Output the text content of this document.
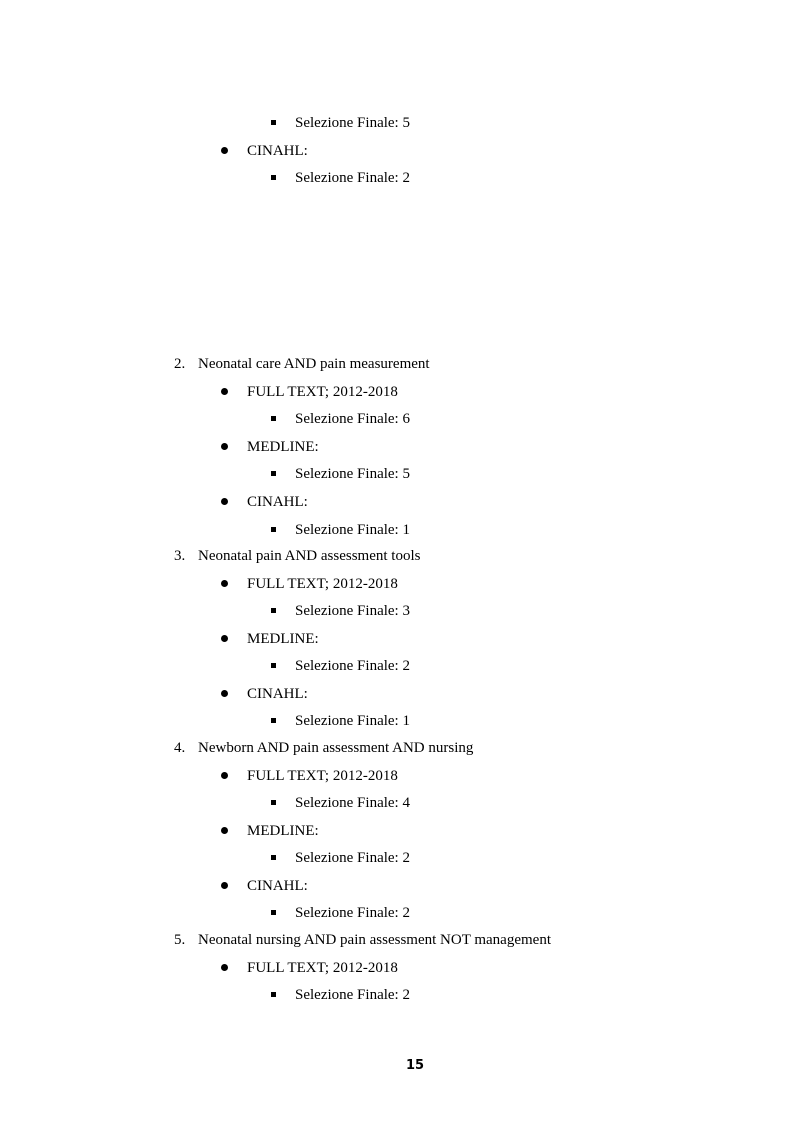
Selezione Finale: 5
CINAHL:
Selezione Finale: 2
2. Neonatal care AND pain measurement
FULL TEXT; 2012-2018
Selezione Finale: 6
MEDLINE:
Selezione Finale: 5
CINAHL:
Selezione Finale: 1
3. Neonatal pain AND assessment tools
FULL TEXT; 2012-2018
Selezione Finale: 3
MEDLINE:
Selezione Finale: 2
CINAHL:
Selezione Finale: 1
4. Newborn AND pain assessment AND nursing
FULL TEXT; 2012-2018
Selezione Finale: 4
MEDLINE:
Selezione Finale: 2
CINAHL:
Selezione Finale: 2
5. Neonatal nursing AND pain assessment NOT management
FULL TEXT; 2012-2018
Selezione Finale: 2
15
